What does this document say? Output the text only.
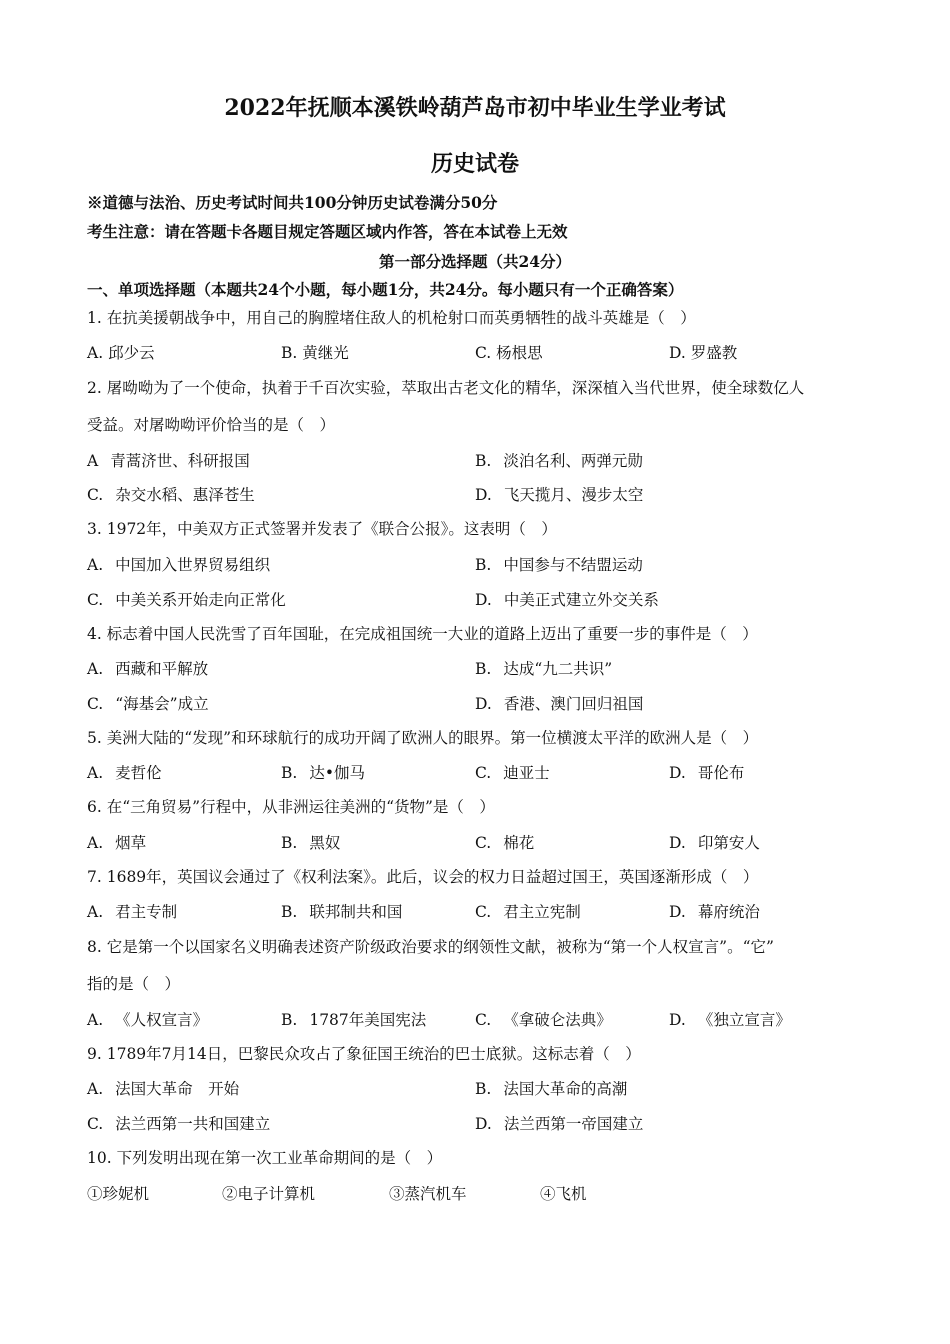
2022年抚顺本溪铁岭葫芦岛市初中毕业生学业考试
历史试卷
※道德与法治、历史考试时间共100分钟历史试卷满分50分
考生注意：请在答题卡各题目规定答题区域内作答，答在本试卷上无效
第一部分选择题（共24分）
一、单项选择题（本题共24个小题，每小题1分，共24分。每小题只有一个正确答案）
1. 在抗美援朝战争中，用自己的胸膛堵住敌人的机枪射口而英勇牺牲的战斗英雄是（　）
A. 邱少云	B. 黄继光	C. 杨根思	D. 罗盛教
2. 屠呦呦为了一个使命，执着于千百次实验，萃取出古老文化的精华，深深植入当代世界，使全球数亿人
受益。对屠呦呦评价恰当的是（　）
A 青蒿济世、科研报国	B. 淡泊名利、两弹元勋
C. 杂交水稻、惠泽苍生	D. 飞天揽月、漫步太空
3. 1972年，中美双方正式签署并发表了《联合公报》。这表明（　）
A. 中国加入世界贸易组织	B. 中国参与不结盟运动
C. 中美关系开始走向正常化	D. 中美正式建立外交关系
4. 标志着中国人民洗雪了百年国耻，在完成祖国统一大业的道路上迈出了重要一步的事件是（　）
A. 西藏和平解放	B. 达成“九二共识”
C. “海基会”成立	D. 香港、澳门回归祖国
5. 美洲大陆的“发现”和环球航行的成功开阔了欧洲人的眼界。第一位横渡太平洋的欧洲人是（　）
A. 麦哲伦	B. 达•伽马	C. 迪亚士	D. 哥伦布
6. 在“三角贸易”行程中，从非洲运往美洲的“货物”是（　）
A. 烟草	B. 黑奴	C. 棉花	D. 印第安人
7. 1689年，英国议会通过了《权利法案》。此后，议会的权力日益超过国王，英国逐渐形成（　）
A. 君主专制	B. 联邦制共和国	C. 君主立宪制	D. 幕府统治
8. 它是第一个以国家名义明确表述资产阶级政治要求的纲领性文献，被称为“第一个人权宣言”。“它”
指的是（　）
A. 《人权宣言》	B. 1787年美国宪法	C. 《拿破仑法典》	D. 《独立宣言》
9. 1789年7月14日，巴黎民众攻占了象征国王统治的巴士底狱。这标志着（　）
A. 法国大革命　开始	B. 法国大革命的高潮
C. 法兰西第一共和国建立	D. 法兰西第一帝国建立
10. 下列发明出现在第一次工业革命期间的是（　）
①珍妮机	②电子计算机	③蒸汽机车	④飞机
